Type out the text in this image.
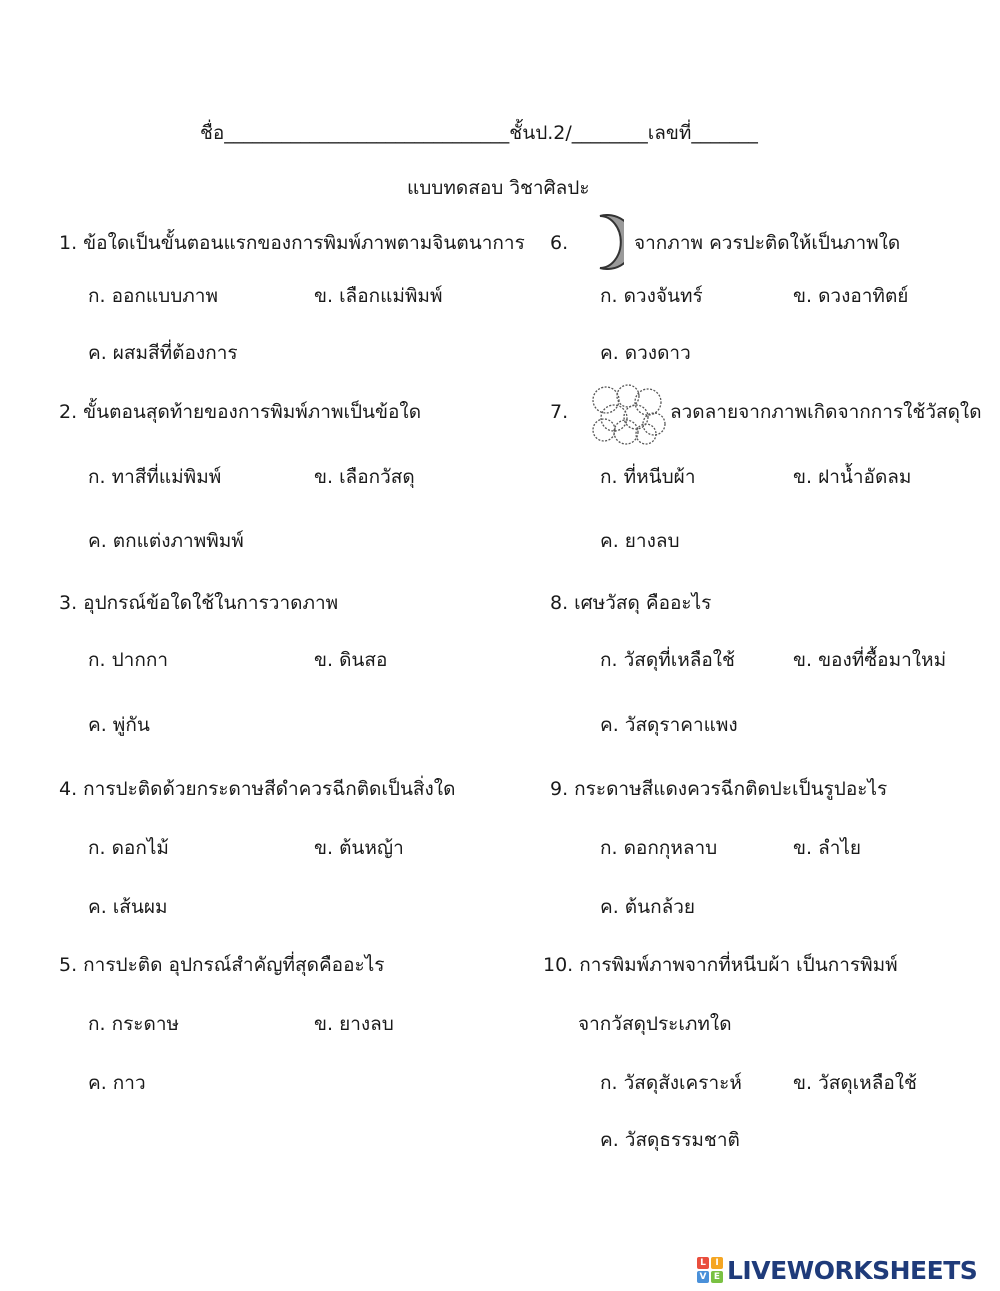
ชื่อ______________________________ชั้นป.2/________เลขที่_______
แบบทดสอบ วิชาศิลปะ
1. ข้อใดเป็นขั้นตอนแรกของการพิมพ์ภาพตามจินตนาการ
ก. ออกแบบภาพ	ข. เลือกแม่พิมพ์
ค. ผสมสีที่ต้องการ
2. ขั้นตอนสุดท้ายของการพิมพ์ภาพเป็นข้อใด
ก. ทาสีที่แม่พิมพ์	ข. เลือกวัสดุ
ค. ตกแต่งภาพพิมพ์
3. อุปกรณ์ข้อใดใช้ในการวาดภาพ
ก. ปากกา	ข. ดินสอ
ค. พู่กัน
4. การปะติดด้วยกระดาษสีดำควรฉีกติดเป็นสิ่งใด
ก. ดอกไม้	ข. ต้นหญ้า
ค. เส้นผม
5. การปะติด อุปกรณ์สำคัญที่สุดคืออะไร
ก. กระดาษ	ข. ยางลบ
ค. กาว
6.	จากภาพ ควรปะติดให้เป็นภาพใด
ก. ดวงจันทร์	ข. ดวงอาทิตย์
ค. ดวงดาว
7.	ลวดลายจากภาพเกิดจากการใช้วัสดุใด
ก. ที่หนีบผ้า	ข. ฝาน้ำอัดลม
ค. ยางลบ
8. เศษวัสดุ คืออะไร
ก. วัสดุที่เหลือใช้	ข. ของที่ซื้อมาใหม่
ค. วัสดุราคาแพง
9. กระดาษสีแดงควรฉีกติดปะเป็นรูปอะไร
ก. ดอกกุหลาบ	ข. ลำไย
ค. ต้นกล้วย
10. การพิมพ์ภาพจากที่หนีบผ้า เป็นการพิมพ์
จากวัสดุประเภทใด
ก. วัสดุสังเคราะห์	ข. วัสดุเหลือใช้
ค. วัสดุธรรมชาติ
L	I
V E LIVEWORKSHEETS
